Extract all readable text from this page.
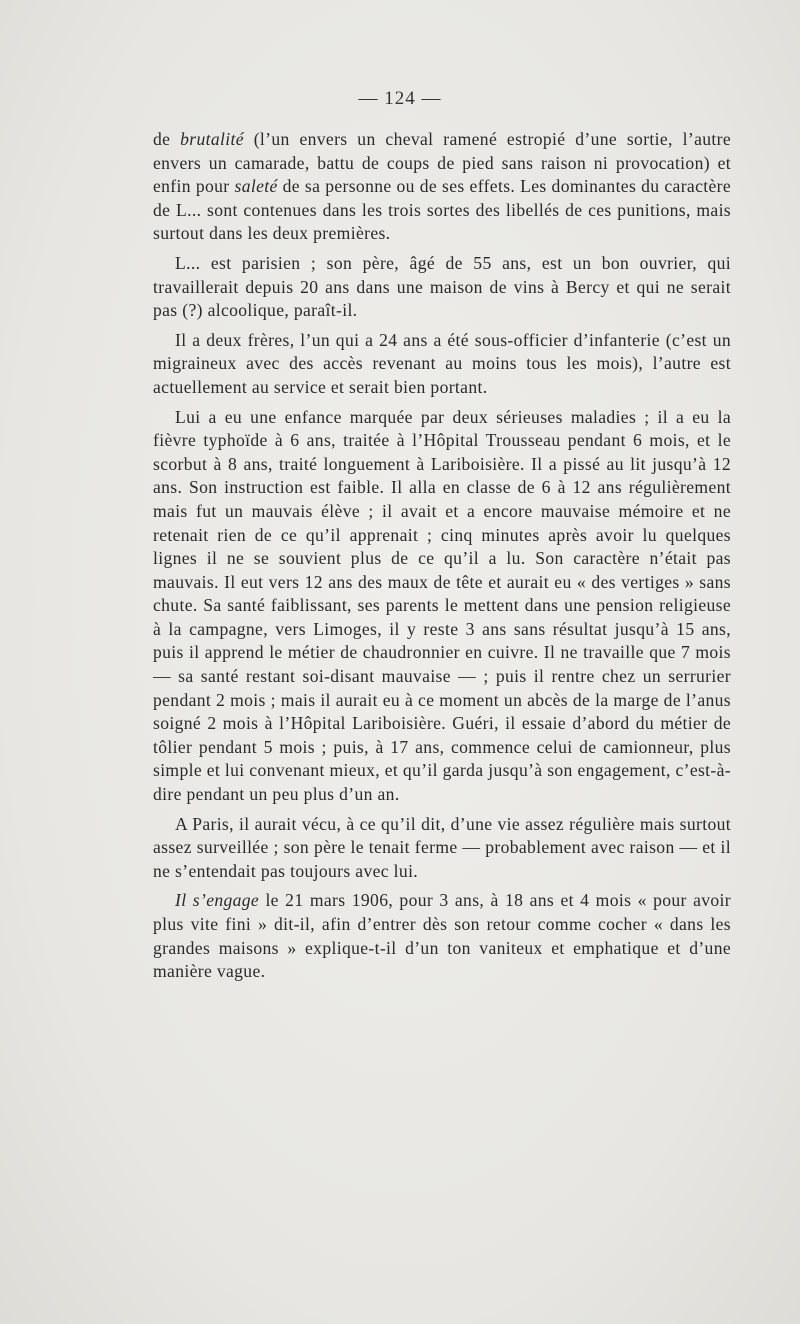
— 124 —

de brutalité (l’un envers un cheval ramené estropié d’une sortie, l’autre envers un camarade, battu de coups de pied sans raison ni provocation) et enfin pour saleté de sa personne ou de ses effets. Les dominantes du caractère de L... sont contenues dans les trois sortes des libellés de ces punitions, mais surtout dans les deux premières.

L... est parisien ; son père, âgé de 55 ans, est un bon ouvrier, qui travaillerait depuis 20 ans dans une maison de vins à Bercy et qui ne serait pas (?) alcoolique, paraît-il.

Il a deux frères, l’un qui a 24 ans a été sous-officier d’infanterie (c’est un migraineux avec des accès revenant au moins tous les mois), l’autre est actuellement au service et serait bien portant.

Lui a eu une enfance marquée par deux sérieuses maladies ; il a eu la fièvre typhoïde à 6 ans, traitée à l’Hôpital Trousseau pendant 6 mois, et le scorbut à 8 ans, traité longuement à Lariboisière. Il a pissé au lit jusqu’à 12 ans. Son instruction est faible. Il alla en classe de 6 à 12 ans régulièrement mais fut un mauvais élève ; il avait et a encore mauvaise mémoire et ne retenait rien de ce qu’il apprenait ; cinq minutes après avoir lu quelques lignes il ne se souvient plus de ce qu’il a lu. Son caractère n’était pas mauvais. Il eut vers 12 ans des maux de tête et aurait eu « des vertiges » sans chute. Sa santé faiblissant, ses parents le mettent dans une pension religieuse à la campagne, vers Limoges, il y reste 3 ans sans résultat jusqu’à 15 ans, puis il apprend le métier de chaudronnier en cuivre. Il ne travaille que 7 mois — sa santé restant soi-disant mauvaise — ; puis il rentre chez un serrurier pendant 2 mois ; mais il aurait eu à ce moment un abcès de la marge de l’anus soigné 2 mois à l’Hôpital Lariboisière. Guéri, il essaie d’abord du métier de tôlier pendant 5 mois ; puis, à 17 ans, commence celui de camionneur, plus simple et lui convenant mieux, et qu’il garda jusqu’à son engagement, c’est-à-dire pendant un peu plus d’un an.

A Paris, il aurait vécu, à ce qu’il dit, d’une vie assez régulière mais surtout assez surveillée ; son père le tenait ferme — probablement avec raison — et il ne s’entendait pas toujours avec lui.

Il s’engage le 21 mars 1906, pour 3 ans, à 18 ans et 4 mois « pour avoir plus vite fini » dit-il, afin d’entrer dès son retour comme cocher « dans les grandes maisons » explique-t-il d’un ton vaniteux et emphatique et d’une manière vague.
